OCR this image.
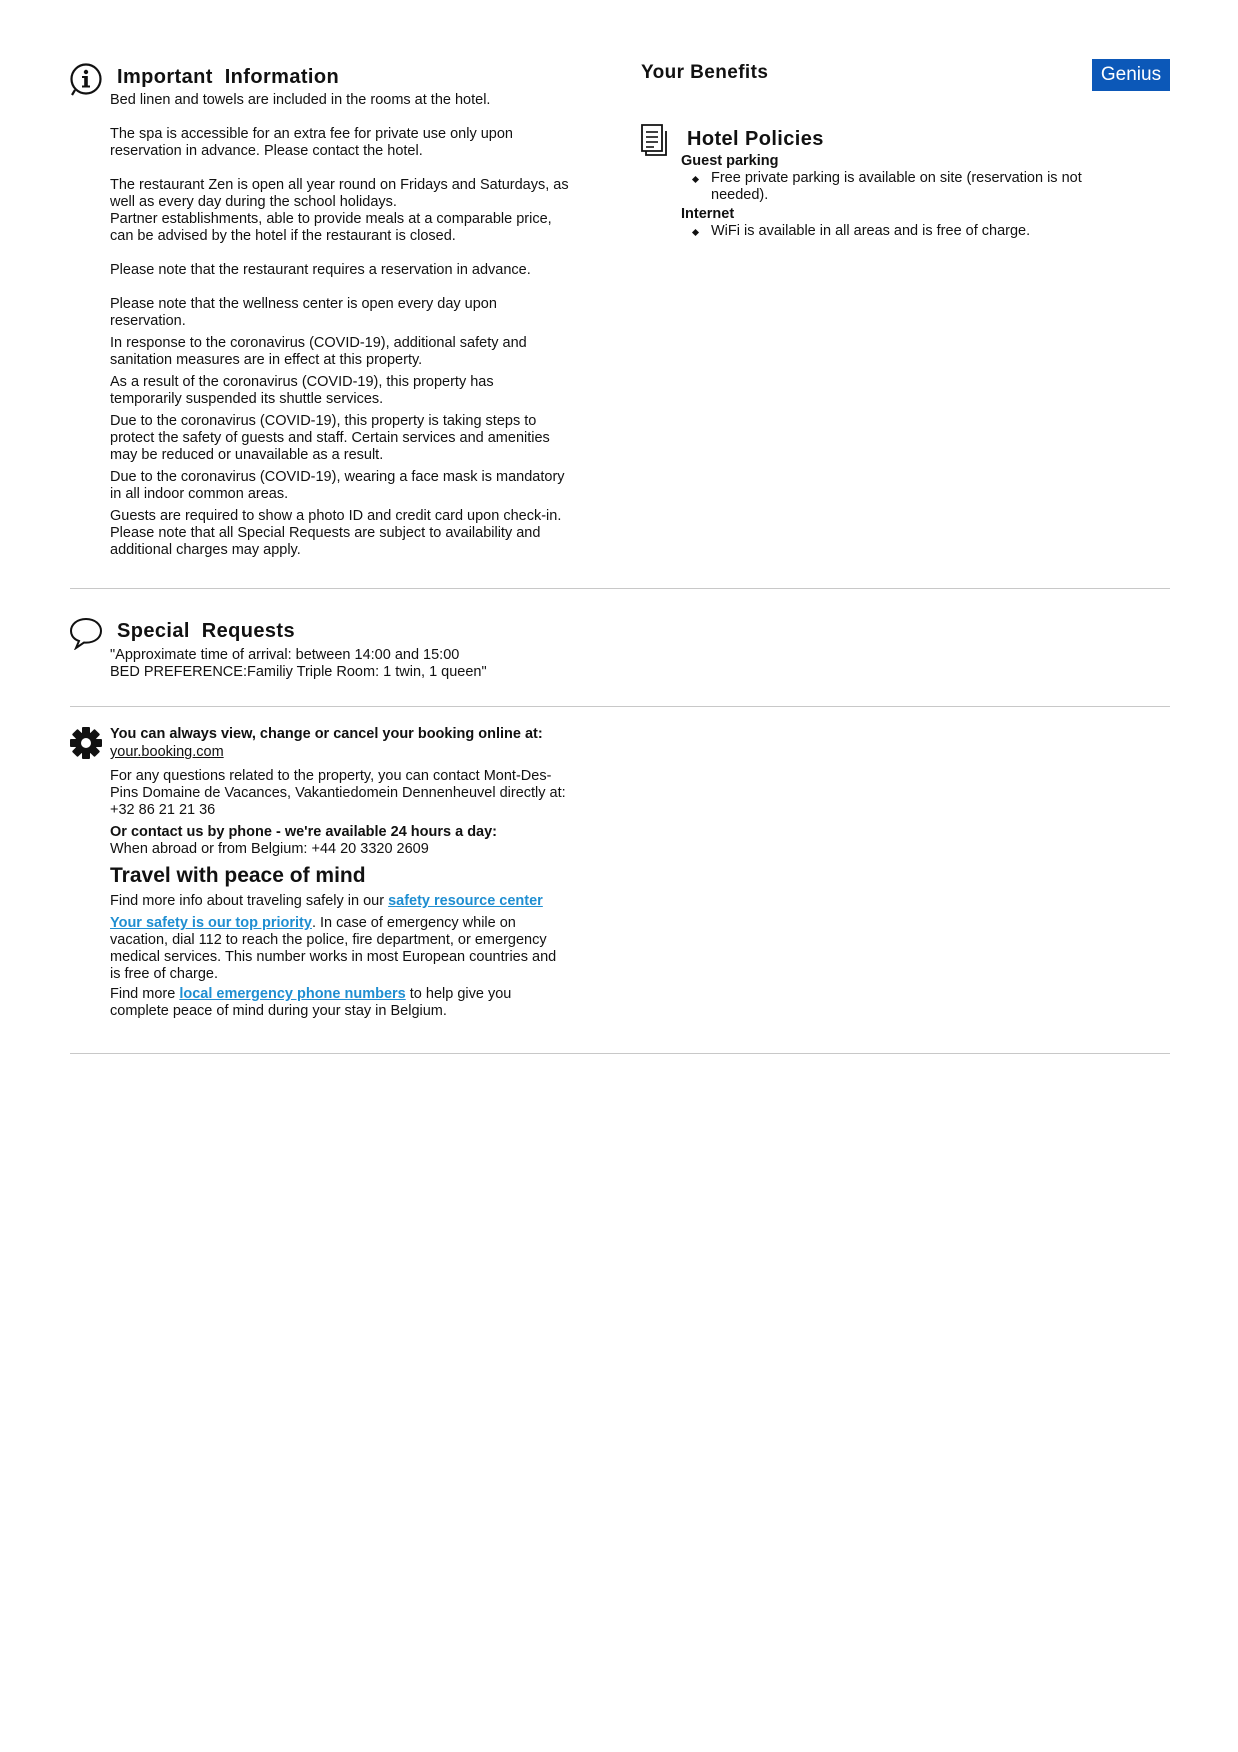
Important  Information

Bed linen and towels are included in the rooms at the hotel.

The spa is accessible for an extra fee for private use only upon

reservation in advance. Please contact the hotel.

The restaurant Zen is open all year round on Fridays and Saturdays, as

well as every day during the school holidays.

Partner establishments, able to provide meals at a comparable price,

can be advised by the hotel if the restaurant is closed.

Please note that the restaurant requires a reservation in advance.

Please note that the wellness center is open every day upon

reservation.

In response to the coronavirus (COVID-19), additional safety and

sanitation measures are in effect at this property.

As a result of the coronavirus (COVID-19), this property has

temporarily suspended its shuttle services.

Due to the coronavirus (COVID-19), this property is taking steps to

protect the safety of guests and staff. Certain services and amenities

may be reduced or unavailable as a result.

Due to the coronavirus (COVID-19), wearing a face mask is mandatory

in all indoor common areas.

Guests are required to show a photo ID and credit card upon check-in.

Please note that all Special Requests are subject to availability and

additional charges may apply.

Your Benefits	Genius
Hotel Policies
Guest parking
Free private parking is available on site (reservation is not
needed).
Internet
WiFi is available in all areas and is free of charge.
Special  Requests

"Approximate time of arrival: between 14:00 and 15:00

BED PREFERENCE:Familiy Triple Room: 1 twin, 1 queen"

You can always view, change or cancel your booking online at:

your.booking.com

For any questions related to the property, you can contact Mont-Des-

Pins Domaine de Vacances, Vakantiedomein Dennenheuvel directly at:

+32 86 21 21 36

Or contact us by phone - we're available 24 hours a day:

When abroad or from Belgium: +44 20 3320 2609

Travel with peace of mind

Find more info about traveling safely in our safety resource center

Your safety is our top priority. In case of emergency while on

vacation, dial 112 to reach the police, fire department, or emergency

medical services. This number works in most European countries and

is free of charge.

Find more local emergency phone numbers to help give you

complete peace of mind during your stay in Belgium.
